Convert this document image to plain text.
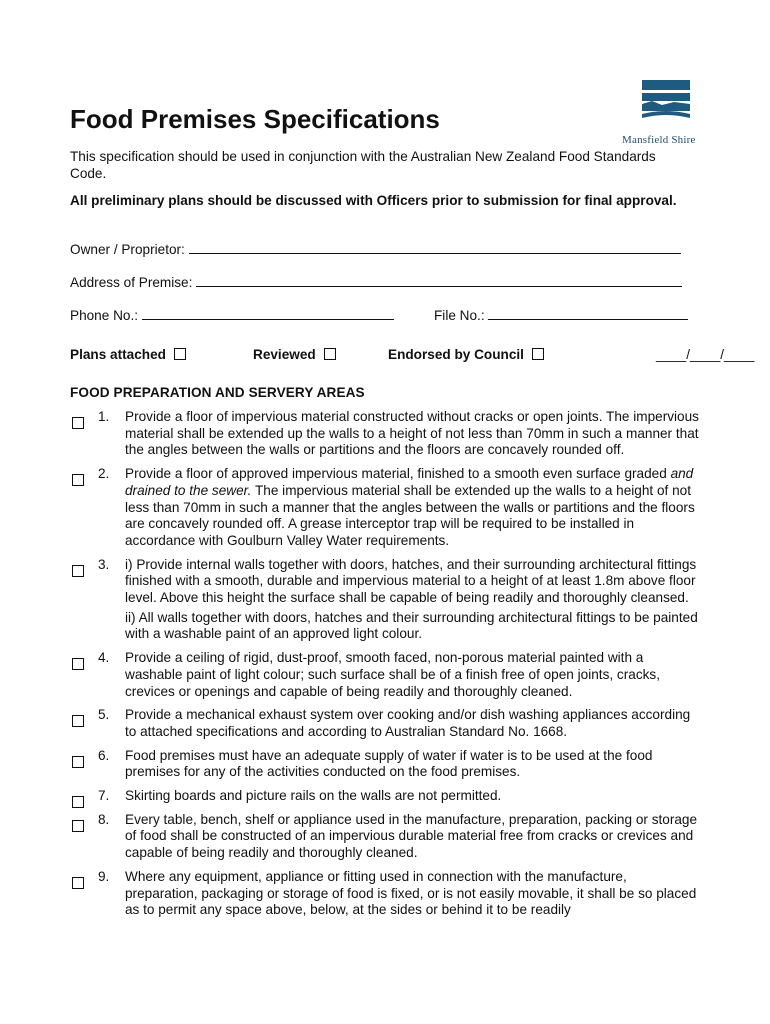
Mansfield Shire
Food Premises Specifications

This specification should be used in conjunction with the Australian New Zealand Food Standards Code.

All preliminary plans should be discussed with Officers prior to submission for final approval.

Owner / Proprietor:
Address of Premise:
Phone No.:	File No.:
Plans attached	Reviewed	Endorsed by Council	____/____/____
FOOD PREPARATION AND SERVERY AREAS
1. Provide a floor of impervious material constructed without cracks or open joints. The impervious material shall be extended up the walls to a height of not less than 70mm in such a manner that the angles between the walls or partitions and the floors are concavely rounded off.

2. Provide a floor of approved impervious material, finished to a smooth even surface graded and drained to the sewer. The impervious material shall be extended up the walls to a height of not less than 70mm in such a manner that the angles between the walls or partitions and the floors are concavely rounded off. A grease interceptor trap will be required to be installed in accordance with Goulburn Valley Water requirements.

3. i) Provide internal walls together with doors, hatches, and their surrounding architectural fittings finished with a smooth, durable and impervious material to a height of at least 1.8m above floor level. Above this height the surface shall be capable of being readily and thoroughly cleansed.

ii) All walls together with doors, hatches and their surrounding architectural fittings to be painted with a washable paint of an approved light colour.

4. Provide a ceiling of rigid, dust-proof, smooth faced, non-porous material painted with a washable paint of light colour; such surface shall be of a finish free of open joints, cracks, crevices or openings and capable of being readily and thoroughly cleaned.

5. Provide a mechanical exhaust system over cooking and/or dish washing appliances according to attached specifications and according to Australian Standard No. 1668.

6. Food premises must have an adequate supply of water if water is to be used at the food premises for any of the activities conducted on the food premises.

7. Skirting boards and picture rails on the walls are not permitted.

8. Every table, bench, shelf or appliance used in the manufacture, preparation, packing or storage of food shall be constructed of an impervious durable material free from cracks or crevices and capable of being readily and thoroughly cleaned.

9. Where any equipment, appliance or fitting used in connection with the manufacture, preparation, packaging or storage of food is fixed, or is not easily movable, it shall be so placed as to permit any space above, below, at the sides or behind it to be readily
